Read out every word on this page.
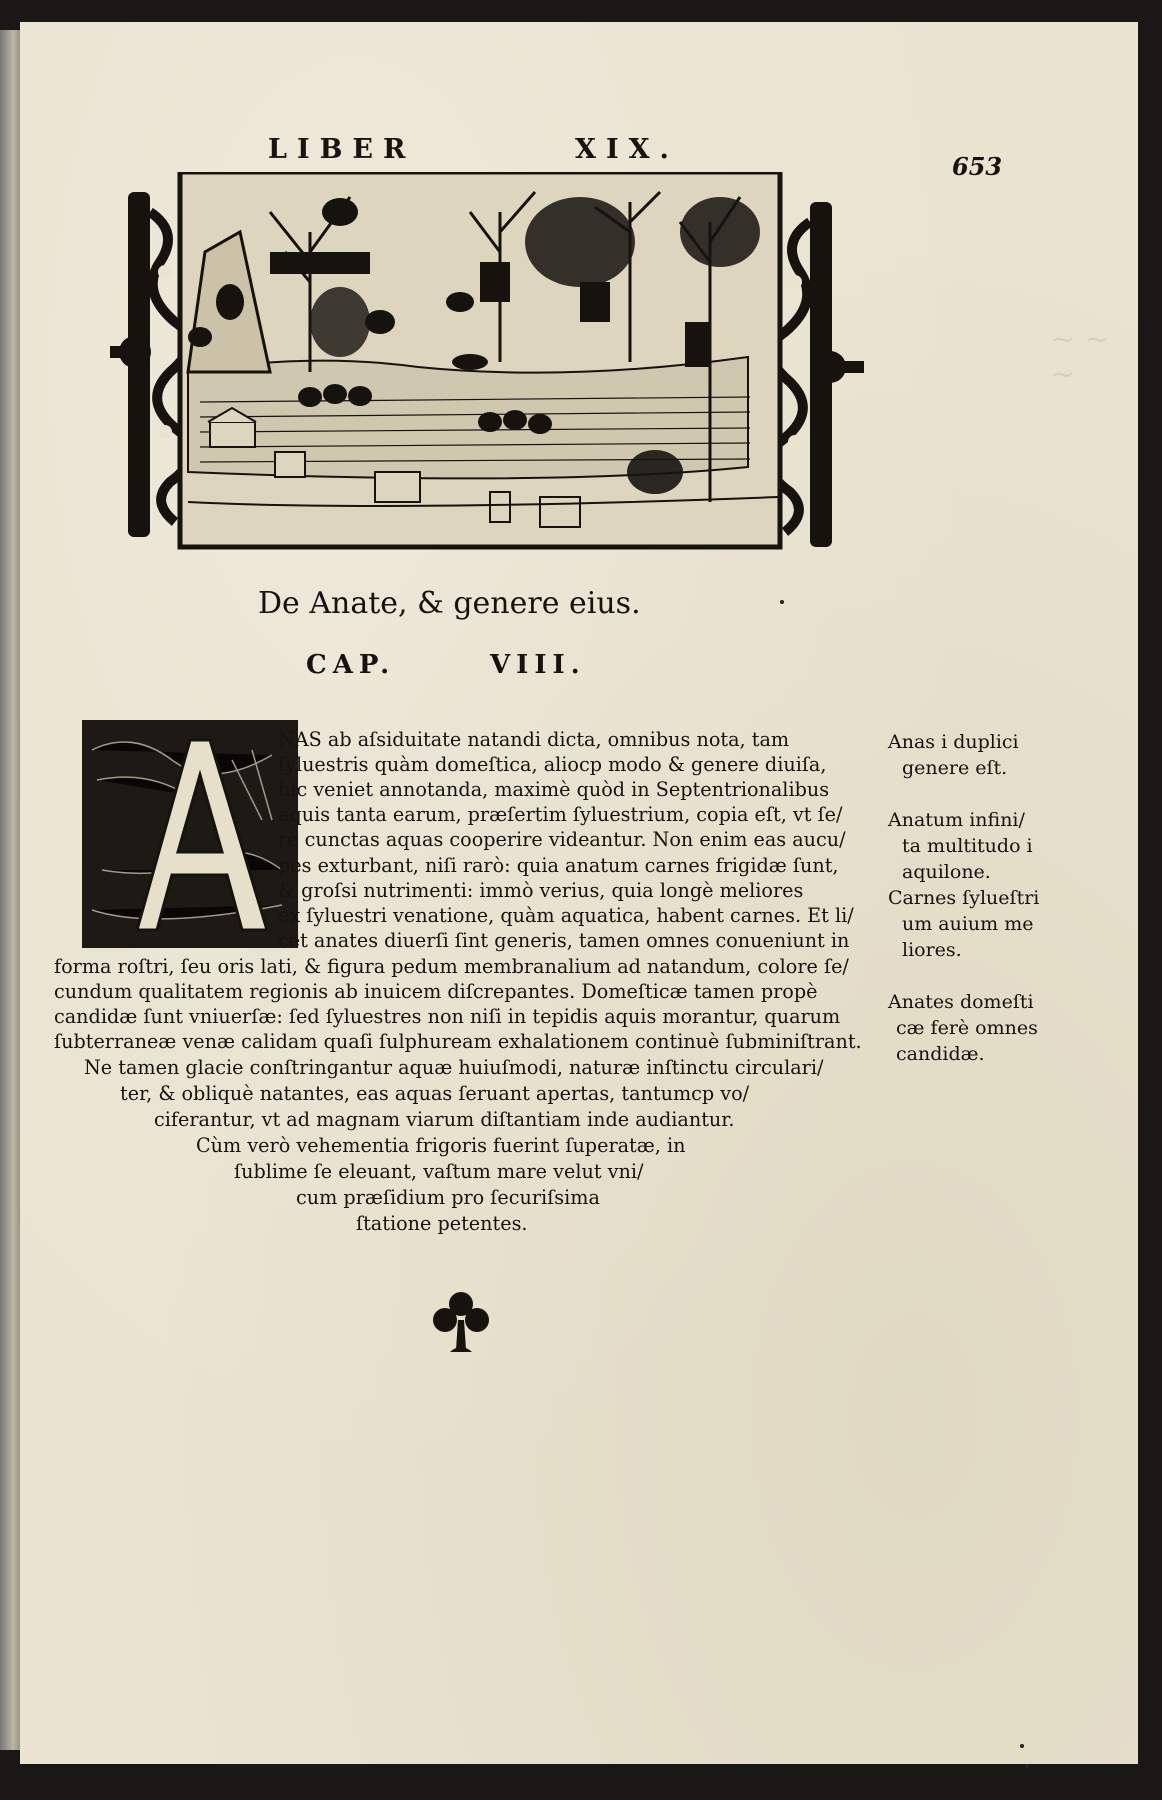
~ ~ ~
LIBER	XIX.
653
De Anate, & genere eius.
CAP.	VIII.
A
NAS ab aſsiduitate natandi dicta, omnibus nota, tam
ſyluestris quàm domeſtica, aliocp modo & genere diuiſa,
hic veniet annotanda, maximè quòd in Septentrionalibus
aquis tanta earum, præſertim ſyluestrium, copia eſt, vt ſe/
rè cunctas aquas cooperire videantur. Non enim eas aucu/
pes exturbant, niſi rarò: quia anatum carnes frigidæ ſunt,
& groſsi nutrimenti: immò verius, quia longè meliores
ex ſyluestri venatione, quàm aquatica, habent carnes. Et li/
cet anates diuerſi ſint generis, tamen omnes conueniunt in
forma roſtri, ſeu oris lati, & figura pedum membranalium ad natandum, colore ſe/
cundum qualitatem regionis ab inuicem diſcrepantes. Domeſticæ tamen propè
candidæ ſunt vniuerſæ: ſed ſyluestres non niſi in tepidis aquis morantur, quarum
ſubterraneæ venæ calidam quaſi ſulphuream exhalationem continuè ſubminiſtrant.
Ne tamen glacie conſtringantur aquæ huiuſmodi, naturæ inſtinctu circulari/
ter, & obliquè natantes, eas aquas ſeruant apertas, tantumcp vo/
ciferantur, vt ad magnam viarum diſtantiam inde audiantur.
Cùm verò vehementia frigoris fuerint ſuperatæ, in
ſublime ſe eleuant, vaſtum mare velut vni/
cum præſidium pro ſecuriſsima
ſtatione petentes.
Anas i duplici
genere eſt.
Anatum infini/
ta multitudo i
aquilone.
Carnes ſylueſtri
um auium me
liores.
Anates domeſti
cæ ferè omnes
candidæ.
